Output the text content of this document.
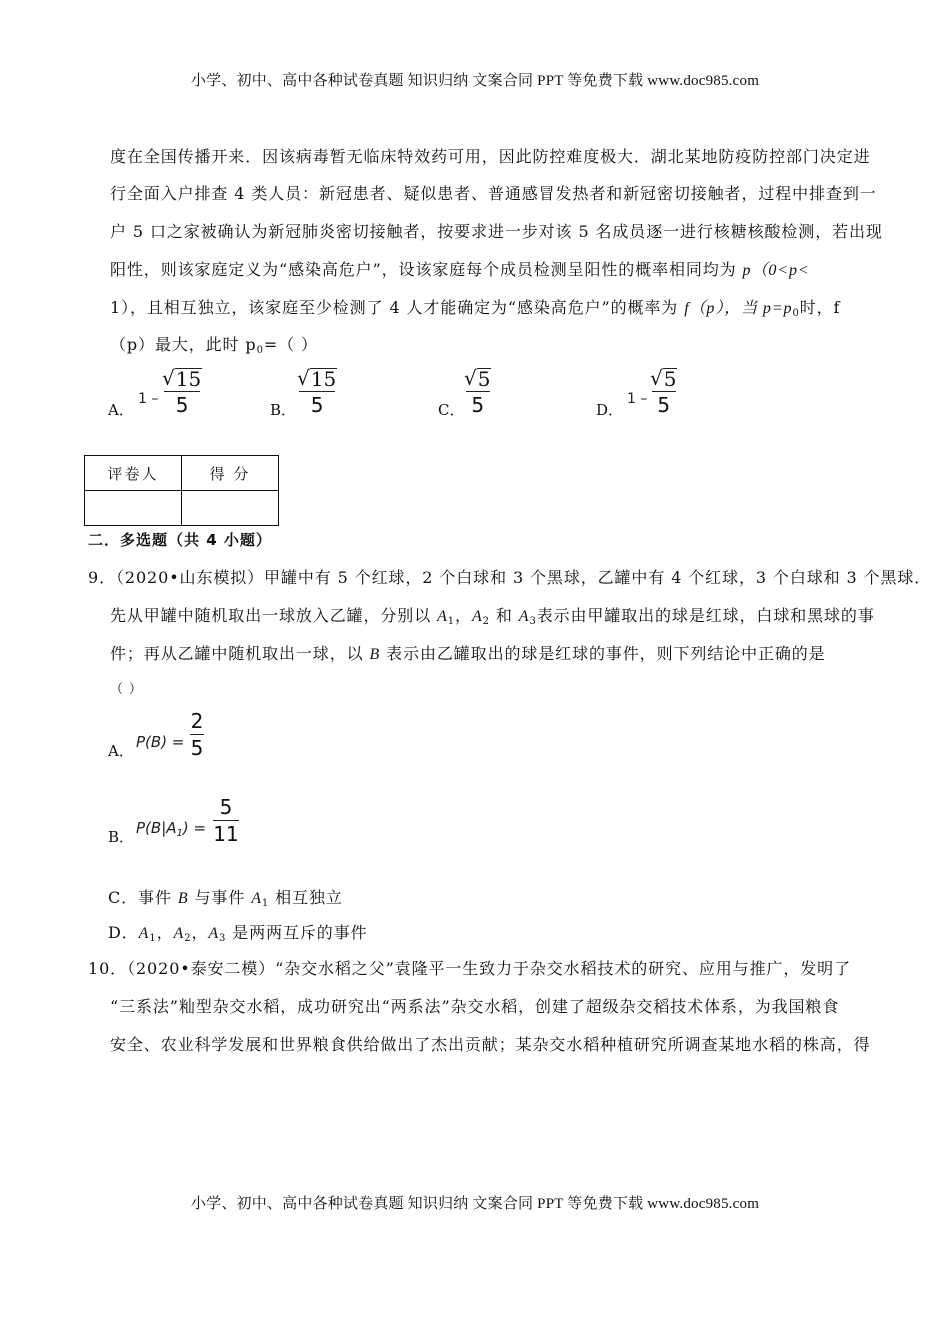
小学、初中、高中各种试卷真题 知识归纳 文案合同 PPT 等免费下载 www.doc985.com
度在全国传播开来．因该病毒暂无临床特效药可用，因此防控难度极大．湖北某地防疫防控部门决定进
行全面入户排查 4 类人员：新冠患者、疑似患者、普通感冒发热者和新冠密切接触者，过程中排查到一
户 5 口之家被确认为新冠肺炎密切接触者，按要求进一步对该 5 名成员逐一进行核糖核酸检测，若出现
阳性，则该家庭定义为“感染高危户”，设该家庭每个成员检测呈阳性的概率相同均为 p（0<p<
1），且相互独立，该家庭至少检测了 4 人才能确定为“感染高危户”的概率为 f（p），当 $p=p_0$时，f
（p）最大，此时 $p_0=$（ ）
A．
1 –
√ 15
5	B．
√ 15
5	C．
√ 5
5	D．
1 –
√ 5
5
评卷人	得 分

二．多选题（共 4 小题）
9．（2020•山东模拟）甲罐中有 5 个红球，2 个白球和 3 个黑球，乙罐中有 4 个红球，3 个白球和 3 个黑球．
先从甲罐中随机取出一球放入乙罐，分别以 $A_1$，$A_2$ 和 $A_3$表示由甲罐取出的球是红球，白球和黑球的事
件；再从乙罐中随机取出一球，以 B 表示由乙罐取出的球是红球的事件，则下列结论中正确的是
（ ）
A． P(B) =
2
5
B． $P(B|A_1)$ =
5
11
C．事件 B 与事件 $A_1$ 相互独立
D．$A_1$，$A_2$，$A_3$ 是两两互斥的事件
10．（2020•泰安二模）“杂交水稻之父”袁隆平一生致力于杂交水稻技术的研究、应用与推广，发明了
“三系法”籼型杂交水稻，成功研究出“两系法”杂交水稻，创建了超级杂交稻技术体系，为我国粮食
安全、农业科学发展和世界粮食供给做出了杰出贡献；某杂交水稻种植研究所调查某地水稻的株高，得
小学、初中、高中各种试卷真题 知识归纳 文案合同 PPT 等免费下载 www.doc985.com
